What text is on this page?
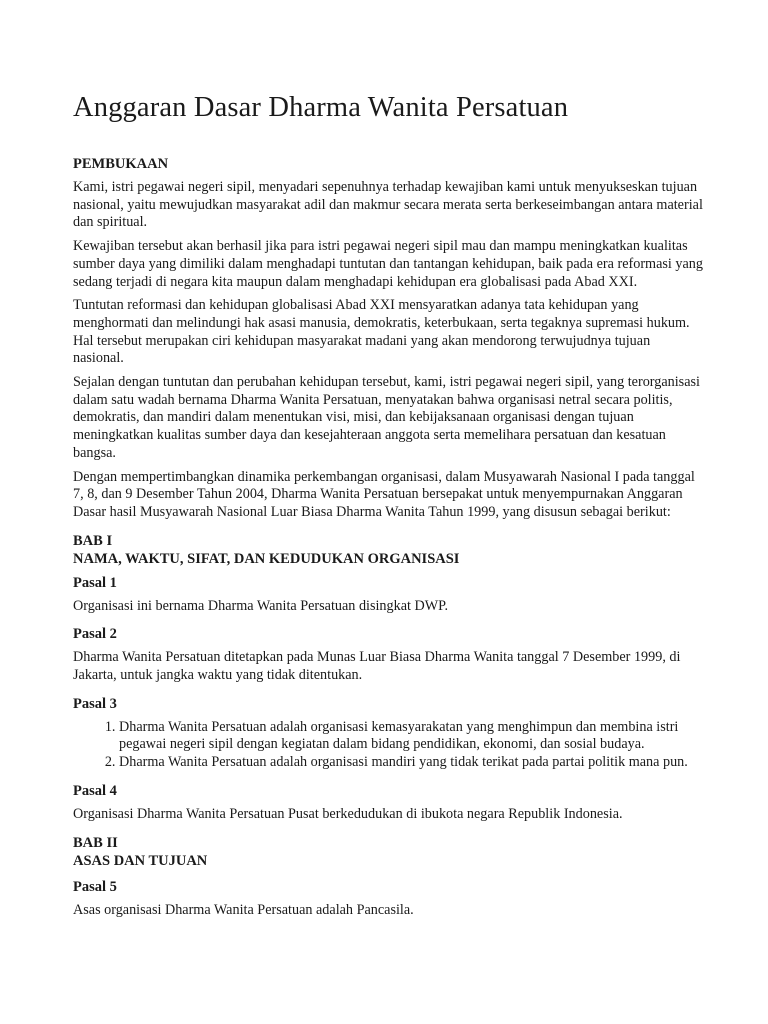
Anggaran Dasar Dharma Wanita Persatuan
PEMBUKAAN

Kami, istri pegawai negeri sipil, menyadari sepenuhnya terhadap kewajiban kami untuk menyukseskan tujuan nasional, yaitu mewujudkan masyarakat adil dan makmur secara merata serta berkeseimbangan antara material dan spiritual.

Kewajiban tersebut akan berhasil jika para istri pegawai negeri sipil mau dan mampu meningkatkan kualitas sumber daya yang dimiliki dalam menghadapi tuntutan dan tantangan kehidupan, baik pada era reformasi yang sedang terjadi di negara kita maupun dalam menghadapi kehidupan era globalisasi pada Abad XXI.

Tuntutan reformasi dan kehidupan globalisasi Abad XXI mensyaratkan adanya tata kehidupan yang menghormati dan melindungi hak asasi manusia, demokratis, keterbukaan, serta tegaknya supremasi hukum. Hal tersebut merupakan ciri kehidupan masyarakat madani yang akan mendorong terwujudnya tujuan nasional.

Sejalan dengan tuntutan dan perubahan kehidupan tersebut, kami, istri pegawai negeri sipil, yang terorganisasi dalam satu wadah bernama Dharma Wanita Persatuan, menyatakan bahwa organisasi netral secara politis, demokratis, dan mandiri dalam menentukan visi, misi, dan kebijaksanaan organisasi dengan tujuan meningkatkan kualitas sumber daya dan kesejahteraan anggota serta memelihara persatuan dan kesatuan bangsa.

Dengan mempertimbangkan dinamika perkembangan organisasi, dalam Musyawarah Nasional I pada tanggal 7, 8, dan 9 Desember Tahun 2004, Dharma Wanita Persatuan bersepakat untuk menyempurnakan Anggaran Dasar hasil Musyawarah Nasional Luar Biasa Dharma Wanita Tahun 1999, yang disusun sebagai berikut:

BAB I
NAMA, WAKTU, SIFAT, DAN KEDUDUKAN ORGANISASI
Pasal 1

Organisasi ini bernama Dharma Wanita Persatuan disingkat DWP.

Pasal 2

Dharma Wanita Persatuan ditetapkan pada Munas Luar Biasa Dharma Wanita tanggal 7 Desember 1999, di Jakarta, untuk jangka waktu yang tidak ditentukan.

Pasal 3
1. Dharma Wanita Persatuan adalah organisasi kemasyarakatan yang menghimpun dan membina istri pegawai negeri sipil dengan kegiatan dalam bidang pendidikan, ekonomi, dan sosial budaya.
2. Dharma Wanita Persatuan adalah organisasi mandiri yang tidak terikat pada partai politik mana pun.
Pasal 4

Organisasi Dharma Wanita Persatuan Pusat berkedudukan di ibukota negara Republik Indonesia.

BAB II
ASAS DAN TUJUAN
Pasal 5

Asas organisasi Dharma Wanita Persatuan adalah Pancasila.
